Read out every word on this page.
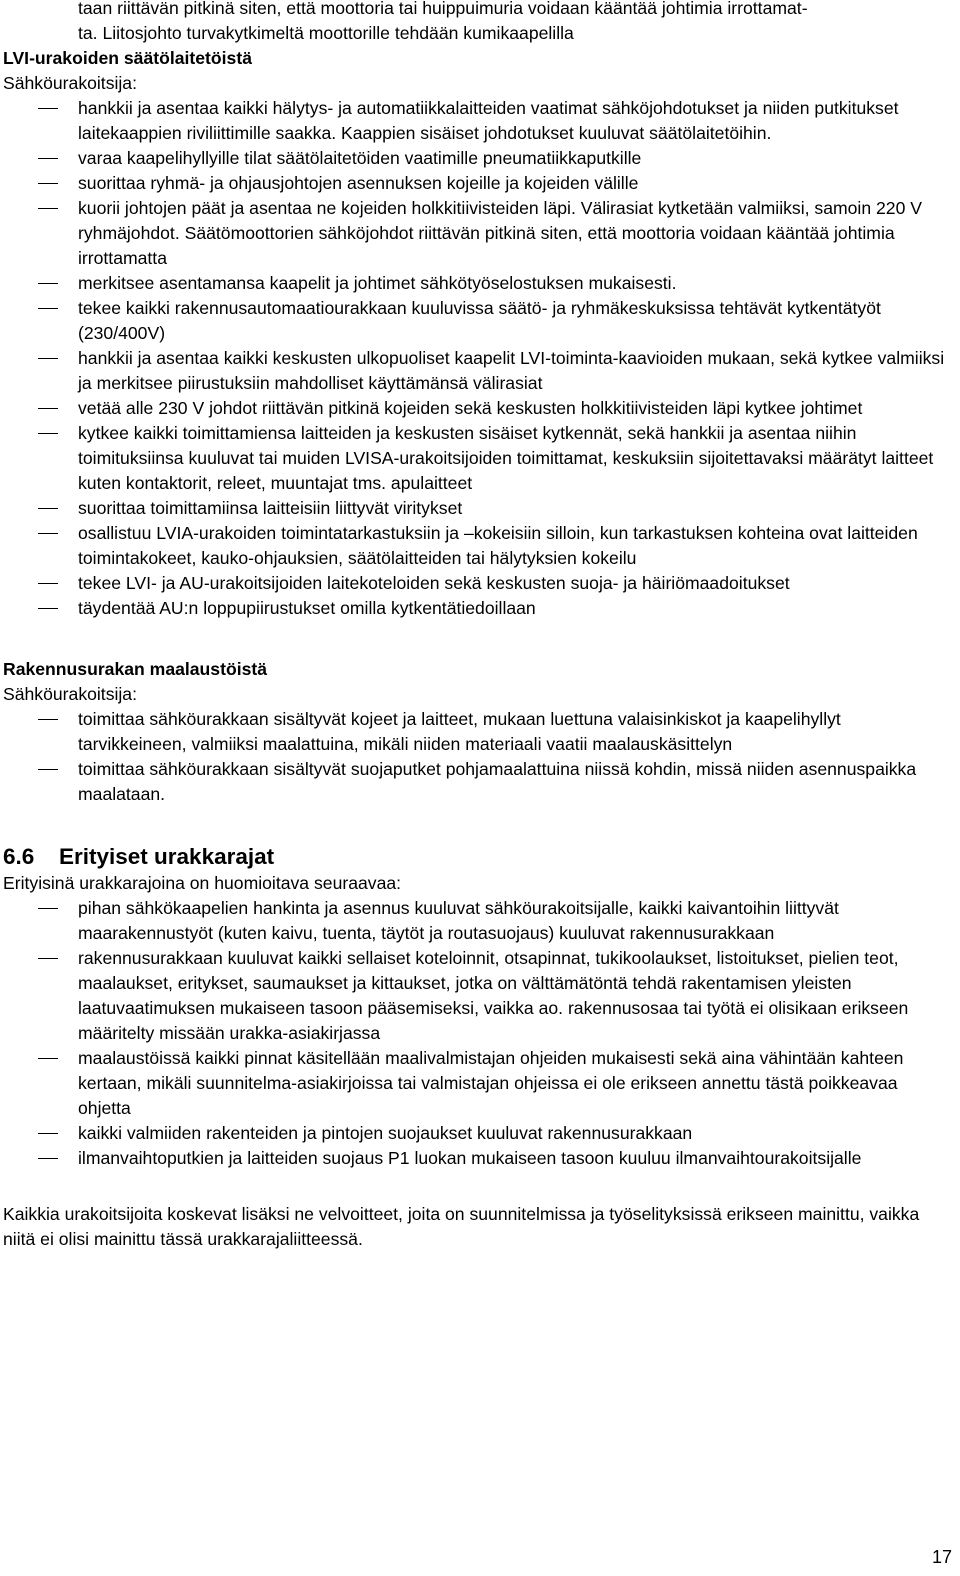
taan riittävän pitkinä siten, että moottoria tai huippuimuria voidaan kääntää johtimia irrottamat-

ta. Liitosjohto turvakytkimeltä moottorille tehdään kumikaapelilla

LVI-urakoiden säätölaitetöistä

Sähköurakoitsija:

hankkii ja asentaa kaikki hälytys- ja automatiikkalaitteiden vaatimat sähköjohdotukset ja niiden putkitukset laitekaappien riviliittimille saakka. Kaappien sisäiset johdotukset kuuluvat säätölaitetöihin.
varaa kaapelihyllyille tilat säätölaitetöiden vaatimille pneumatiikkaputkille
suorittaa ryhmä- ja ohjausjohtojen asennuksen kojeille ja kojeiden välille
kuorii johtojen päät ja asentaa ne kojeiden holkkitiivisteiden läpi. Välirasiat kytketään valmiiksi, samoin 220 V ryhmäjohdot. Säätömoottorien sähköjohdot riittävän pitkinä siten, että moottoria voidaan kääntää johtimia irrottamatta
merkitsee asentamansa kaapelit ja johtimet sähkötyöselostuksen mukaisesti.
tekee kaikki rakennusautomaatiourakkaan kuuluvissa säätö- ja ryhmäkeskuksissa tehtävät kytkentätyöt (230/400V)
hankkii ja asentaa kaikki keskusten ulkopuoliset kaapelit LVI-toiminta-kaavioiden mukaan, sekä kytkee valmiiksi ja merkitsee piirustuksiin mahdolliset käyttämänsä välirasiat
vetää alle 230 V johdot riittävän pitkinä kojeiden sekä keskusten holkkitiivisteiden läpi kytkee johtimet
kytkee kaikki toimittamiensa laitteiden ja keskusten sisäiset kytkennät, sekä hankkii ja asentaa niihin toimituksiinsa kuuluvat tai muiden LVISA-urakoitsijoiden toimittamat, keskuksiin sijoitettavaksi määrätyt laitteet kuten kontaktorit, releet, muuntajat tms. apulaitteet
suorittaa toimittamiinsa laitteisiin liittyvät viritykset
osallistuu LVIA-urakoiden toimintatarkastuksiin ja –kokeisiin silloin, kun tarkastuksen kohteina ovat laitteiden toimintakokeet, kauko-ohjauksien, säätölaitteiden tai hälytyksien kokeilu
tekee LVI- ja AU-urakoitsijoiden laitekoteloiden sekä keskusten suoja- ja häiriömaadoitukset
täydentää AU:n loppupiirustukset omilla kytkentätiedoillaan

Rakennusurakan maalaustöistä

Sähköurakoitsija:

toimittaa sähköurakkaan sisältyvät kojeet ja laitteet, mukaan luettuna valaisinkiskot ja kaapelihyllyt tarvikkeineen, valmiiksi maalattuina, mikäli niiden materiaali vaatii maalauskäsittelyn
toimittaa sähköurakkaan sisältyvät suojaputket pohjamaalattuina niissä kohdin, missä niiden asennuspaikka maalataan.

6.6 Erityiset urakkarajat

Erityisinä urakkarajoina on huomioitava seuraavaa:

pihan sähkökaapelien hankinta ja asennus kuuluvat sähköurakoitsijalle, kaikki kaivantoihin liittyvät maarakennustyöt (kuten kaivu, tuenta, täytöt ja routasuojaus) kuuluvat rakennusurakkaan
rakennusurakkaan kuuluvat kaikki sellaiset koteloinnit, otsapinnat, tukikoolaukset, listoitukset, pielien teot, maalaukset, eritykset, saumaukset ja kittaukset, jotka on välttämätöntä tehdä rakentamisen yleisten laatuvaatimuksen mukaiseen tasoon pääsemiseksi, vaikka ao. rakennusosaa tai työtä ei olisikaan erikseen määritelty missään urakka-asiakirjassa
maalaustöissä kaikki pinnat käsitellään maalivalmistajan ohjeiden mukaisesti sekä aina vähintään kahteen kertaan, mikäli suunnitelma-asiakirjoissa tai valmistajan ohjeissa ei ole erikseen annettu tästä poikkeavaa ohjetta
kaikki valmiiden rakenteiden ja pintojen suojaukset kuuluvat rakennusurakkaan
ilmanvaihtoputkien ja laitteiden suojaus P1 luokan mukaiseen tasoon kuuluu ilmanvaihtourakoitsijalle

Kaikkia urakoitsijoita koskevat lisäksi ne velvoitteet, joita on suunnitelmissa ja työselityksissä erikseen mainittu, vaikka niitä ei olisi mainittu tässä urakkarajaliitteessä.

17
